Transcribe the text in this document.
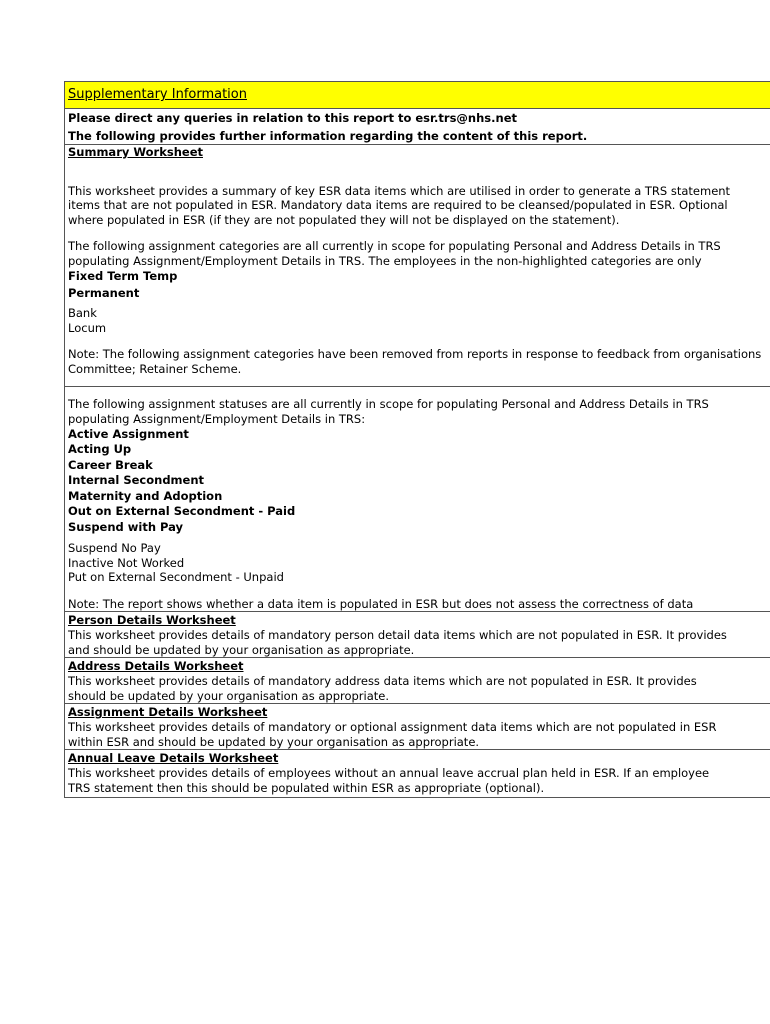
Supplementary Information
Please direct any queries in relation to this report to esr.trs@nhs.net
The following provides further information regarding the content of this report.
Summary Worksheet
This worksheet provides a summary of key ESR data items which are utilised in order to generate a TRS statement
items that are not populated in ESR. Mandatory data items are required to be cleansed/populated in ESR. Optional
where populated in ESR (if they are not populated they will not be displayed on the statement).
The following assignment categories are all currently in scope for populating Personal and Address Details in TRS
populating Assignment/Employment Details in TRS. The employees in the non-highlighted categories are only
Fixed Term Temp
Permanent
Bank
Locum
Note: The following assignment categories have been removed from reports in response to feedback from organisations
Committee; Retainer Scheme.
The following assignment statuses are all currently in scope for populating Personal and Address Details in TRS
populating Assignment/Employment Details in TRS:
Active Assignment
Acting Up
Career Break
Internal Secondment
Maternity and Adoption
Out on External Secondment - Paid
Suspend with Pay
Suspend No Pay
Inactive Not Worked
Put on External Secondment - Unpaid
Note: The report shows whether a data item is populated in ESR but does not assess the correctness of data
Person Details Worksheet
This worksheet provides details of mandatory person detail data items which are not populated in ESR. It provides
and should be updated by your organisation as appropriate.
Address Details Worksheet
This worksheet provides details of mandatory address data items which are not populated in ESR. It provides
should be updated by your organisation as appropriate.
Assignment Details Worksheet
This worksheet provides details of mandatory or optional assignment data items which are not populated in ESR
within ESR and should be updated by your organisation as appropriate.
Annual Leave Details Worksheet
This worksheet provides details of employees without an annual leave accrual plan held in ESR. If an employee
TRS statement then this should be populated within ESR as appropriate (optional).
